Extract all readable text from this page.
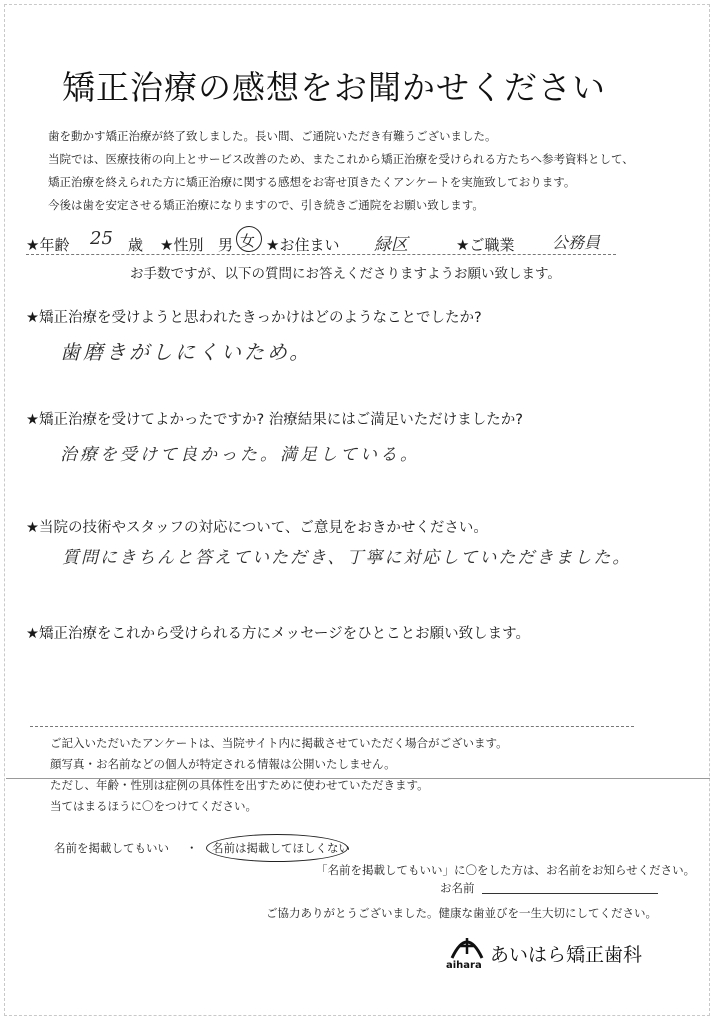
矯正治療の感想をお聞かせください
歯を動かす矯正治療が終了致しました。長い間、ご通院いただき有難うございました。
当院では、医療技術の向上とサービス改善のため、またこれから矯正治療を受けられる方たちへ参考資料として、
矯正治療を終えられた方に矯正治療に関する感想をお寄せ頂きたくアンケートを実施致しております。
今後は歯を安定させる矯正治療になりますので、引き続きご通院をお願い致します。
★年齢 25 歳 ★性別 男 女 ★お住まい 緑区	★ご職業 公務員
お手数ですが、以下の質問にお答えくださりますようお願い致します。
★矯正治療を受けようと思われたきっかけはどのようなことでしたか?
歯磨きがしにくいため。
★矯正治療を受けてよかったですか? 治療結果にはご満足いただけましたか?
治療を受けて良かった。満足している。
★当院の技術やスタッフの対応について、ご意見をおきかせください。
質問にきちんと答えていただき、丁寧に対応していただきました。
★矯正治療をこれから受けられる方にメッセージをひとことお願い致します。
ご記入いただいたアンケートは、当院サイト内に掲載させていただく場合がございます。
顔写真・お名前などの個人が特定される情報は公開いたしません。
ただし、年齢・性別は症例の具体性を出すために使わせていただきます。
当てはまるほうに〇をつけてください。
名前を掲載してもいい ・ 名前は掲載してほしくない
「名前を掲載してもいい」に〇をした方は、お名前をお知らせください。
お名前
ご協力ありがとうございました。健康な歯並びを一生大切にしてください。
aihara あいはら矯正歯科
